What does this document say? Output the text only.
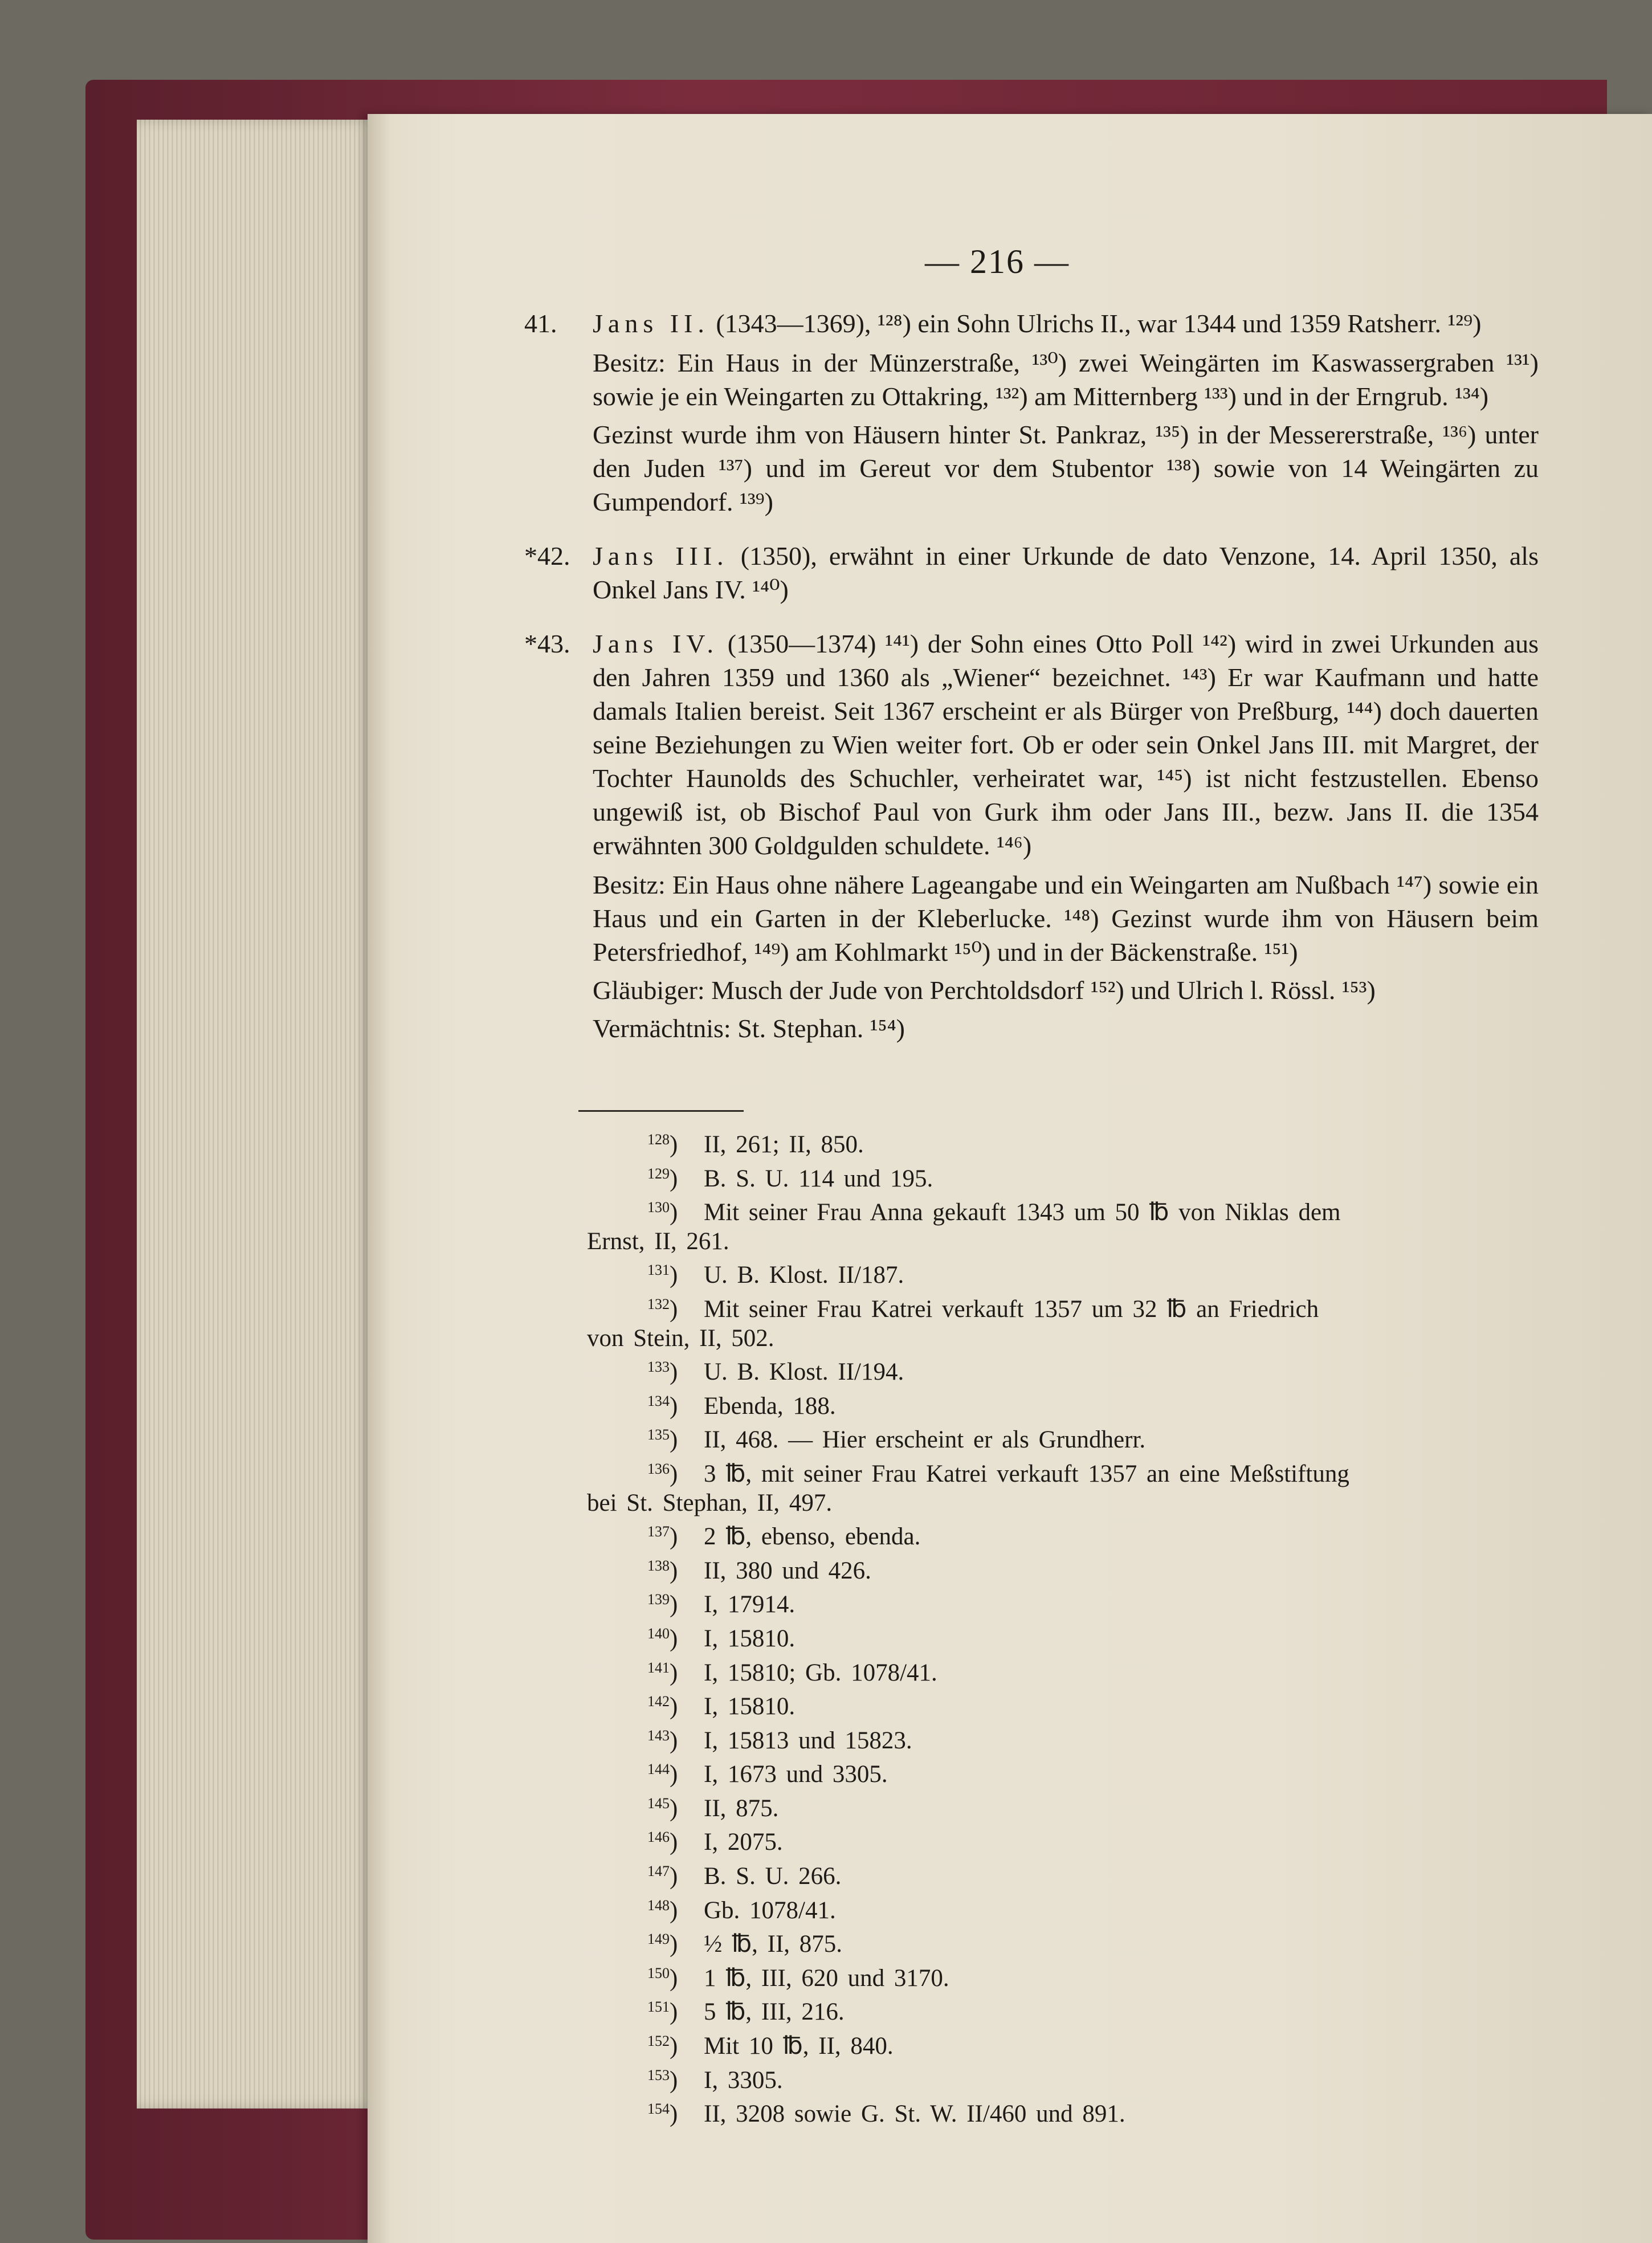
— 216 —

41. Jans II. (1343—1369), ¹²⁸) ein Sohn Ulrichs II., war 1344 und 1359 Ratsherr. ¹²⁹)

Besitz: Ein Haus in der Münzerstraße, ¹³⁰) zwei Weingärten im Kaswassergraben ¹³¹) sowie je ein Weingarten zu Ottakring, ¹³²) am Mitternberg ¹³³) und in der Erngrub. ¹³⁴)

Gezinst wurde ihm von Häusern hinter St. Pankraz, ¹³⁵) in der Messererstraße, ¹³⁶) unter den Juden ¹³⁷) und im Gereut vor dem Stubentor ¹³⁸) sowie von 14 Weingärten zu Gumpendorf. ¹³⁹)

*42. Jans III. (1350), erwähnt in einer Urkunde de dato Venzone, 14. April 1350, als Onkel Jans IV. ¹⁴⁰)

*43. Jans IV. (1350—1374) ¹⁴¹) der Sohn eines Otto Poll ¹⁴²) wird in zwei Urkunden aus den Jahren 1359 und 1360 als „Wiener“ bezeichnet. ¹⁴³) Er war Kaufmann und hatte damals Italien bereist. Seit 1367 erscheint er als Bürger von Preßburg, ¹⁴⁴) doch dauerten seine Beziehungen zu Wien weiter fort. Ob er oder sein Onkel Jans III. mit Margret, der Tochter Haunolds des Schuchler, verheiratet war, ¹⁴⁵) ist nicht festzustellen. Ebenso ungewiß ist, ob Bischof Paul von Gurk ihm oder Jans III., bezw. Jans II. die 1354 erwähnten 300 Goldgulden schuldete. ¹⁴⁶)

Besitz: Ein Haus ohne nähere Lageangabe und ein Weingarten am Nußbach ¹⁴⁷) sowie ein Haus und ein Garten in der Kleberlucke. ¹⁴⁸) Gezinst wurde ihm von Häusern beim Petersfriedhof, ¹⁴⁹) am Kohlmarkt ¹⁵⁰) und in der Bäckenstraße. ¹⁵¹)

Gläubiger: Musch der Jude von Perchtoldsdorf ¹⁵²) und Ulrich l. Rössl. ¹⁵³)

Vermächtnis: St. Stephan. ¹⁵⁴)

128) II, 261; II, 850.

129) B. S. U. 114 und 195.

130) Mit seiner Frau Anna gekauft 1343 um 50 ℔ von Niklas dem
Ernst, II, 261.

131) U. B. Klost. II/187.

132) Mit seiner Frau Katrei verkauft 1357 um 32 ℔ an Friedrich
von Stein, II, 502.

133) U. B. Klost. II/194.

134) Ebenda, 188.

135) II, 468. — Hier erscheint er als Grundherr.

136) 3 ℔, mit seiner Frau Katrei verkauft 1357 an eine Meßstiftung
bei St. Stephan, II, 497.

137) 2 ℔, ebenso, ebenda.

138) II, 380 und 426.

139) I, 17914.

140) I, 15810.

141) I, 15810; Gb. 1078/41.

142) I, 15810.

143) I, 15813 und 15823.

144) I, 1673 und 3305.

145) II, 875.

146) I, 2075.

147) B. S. U. 266.

148) Gb. 1078/41.

149) ½ ℔, II, 875.

150) 1 ℔, III, 620 und 3170.

151) 5 ℔, III, 216.

152) Mit 10 ℔, II, 840.

153) I, 3305.

154) II, 3208 sowie G. St. W. II/460 und 891.
